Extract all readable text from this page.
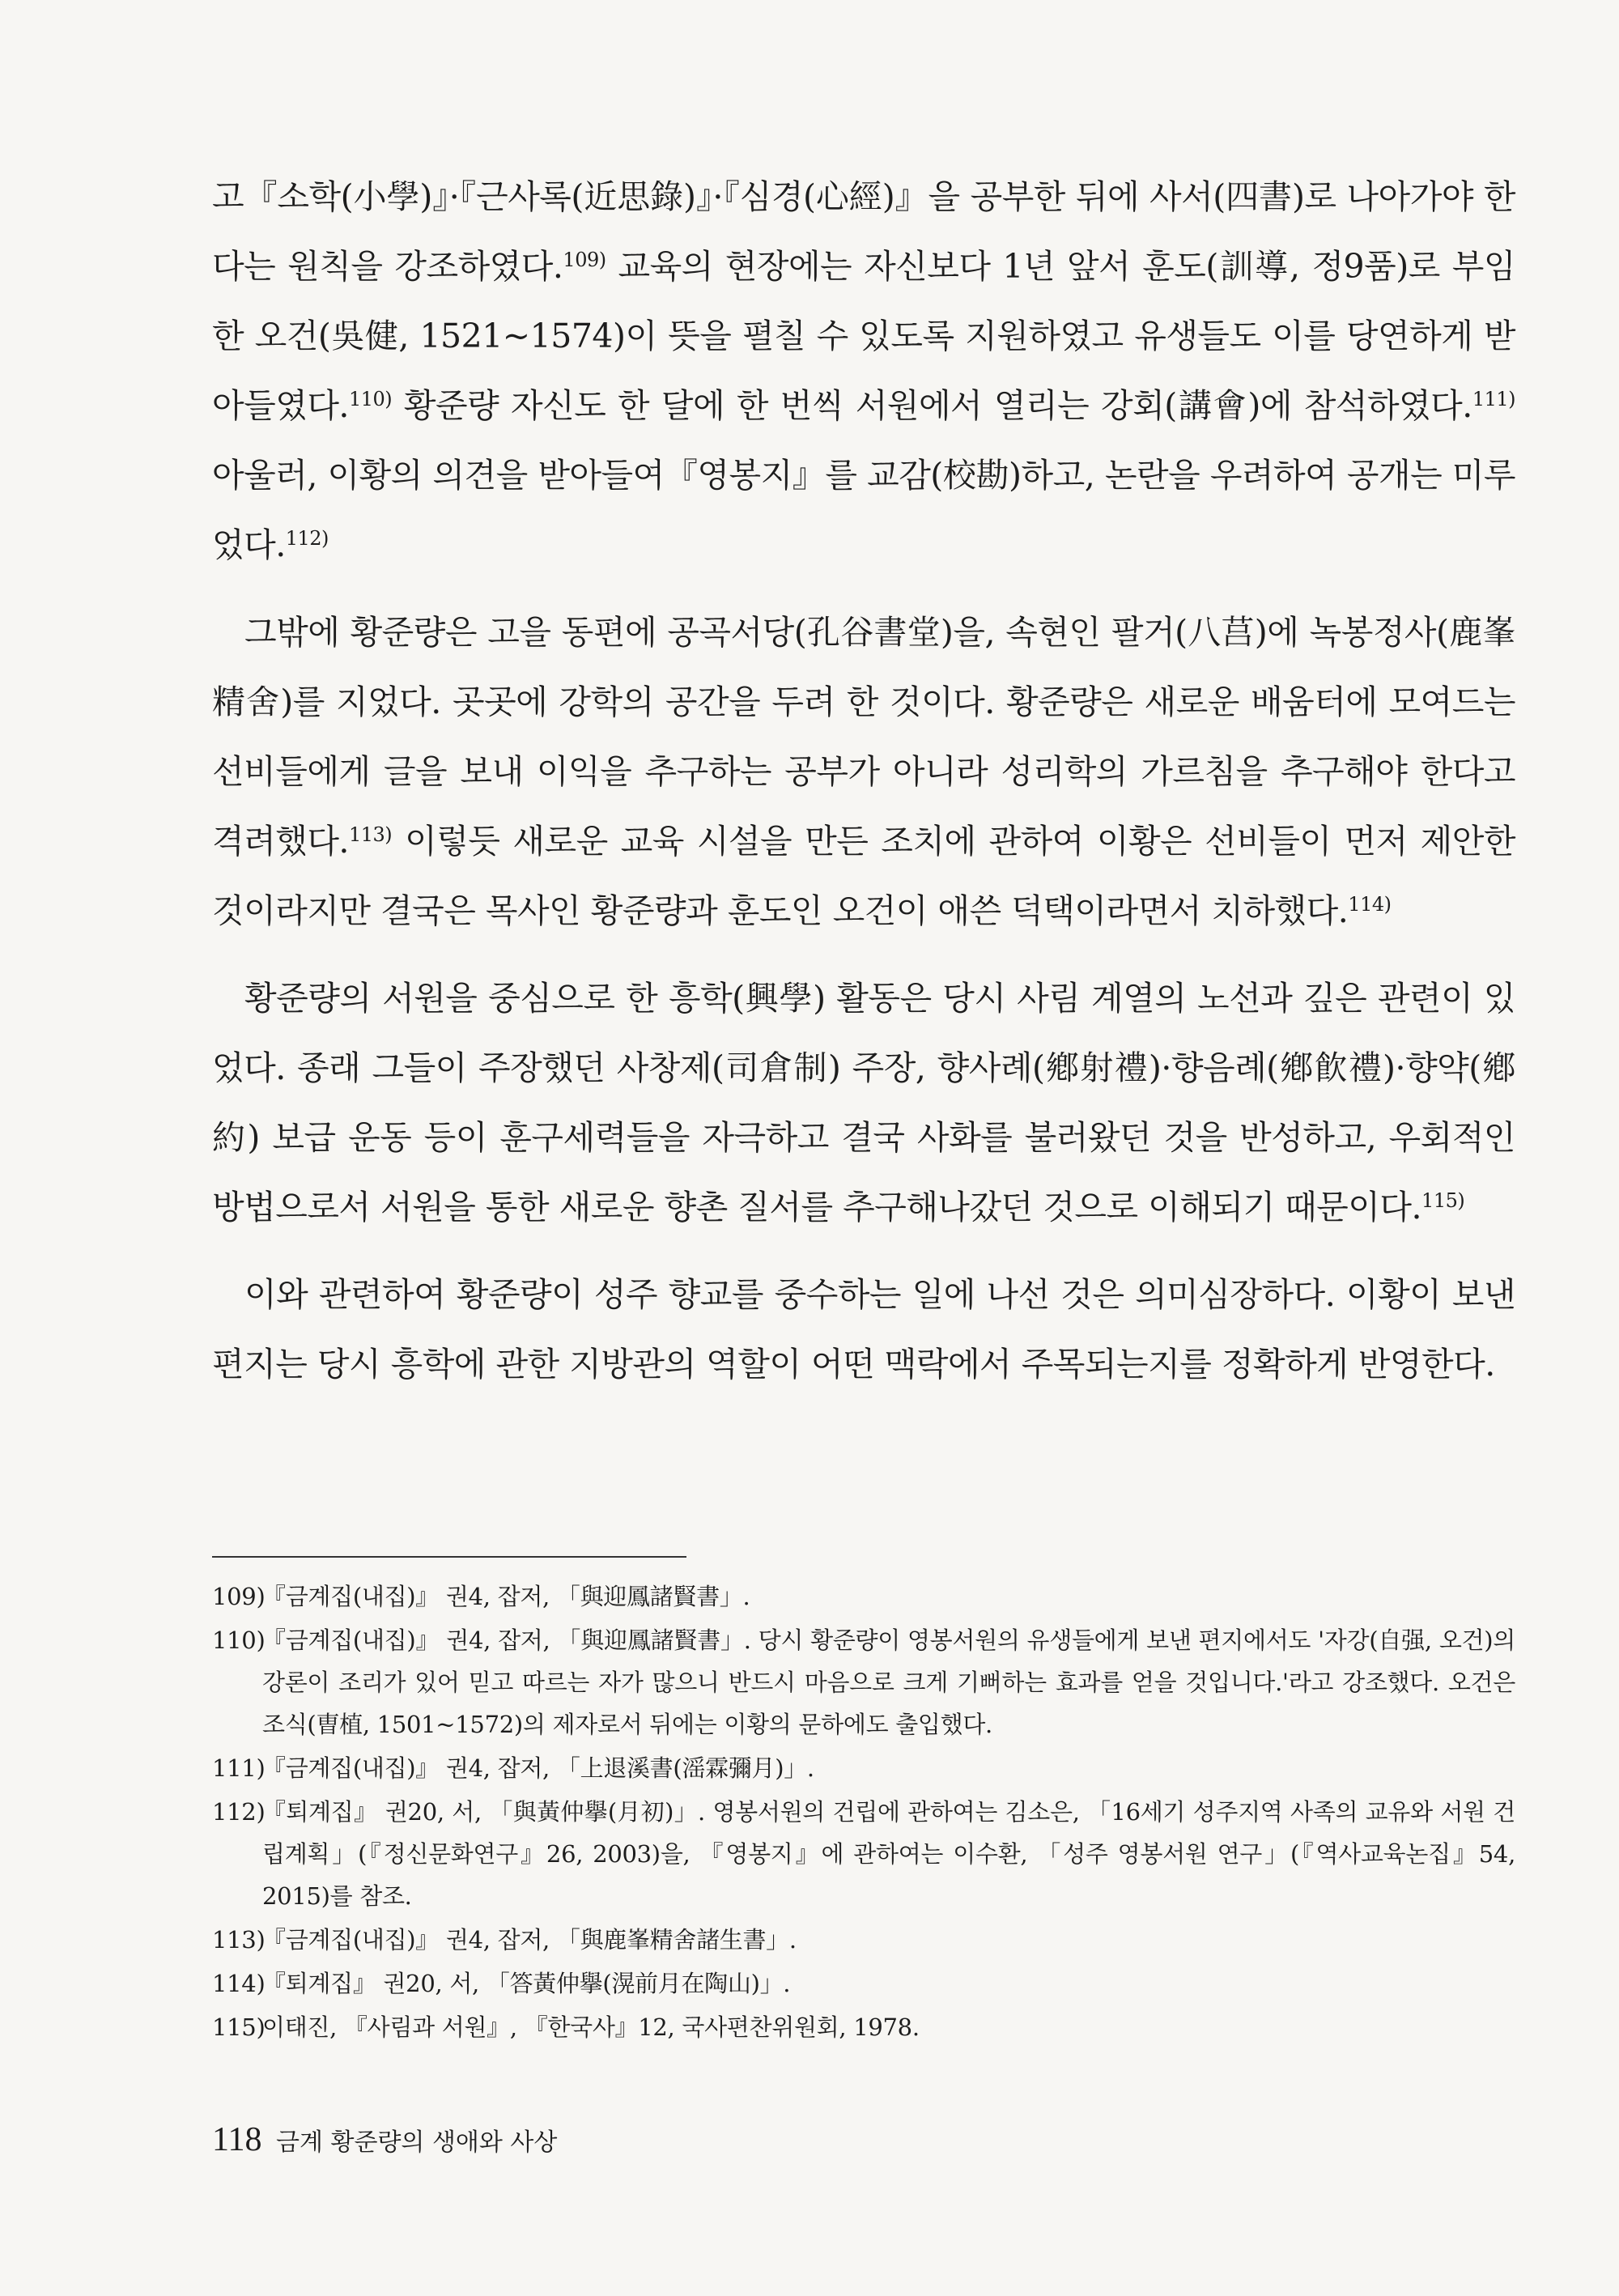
고『소학(小學)』·『근사록(近思錄)』·『심경(心經)』을 공부한 뒤에 사서(四書)로 나아가야 한다는 원칙을 강조하였다.$^{109)}$ 교육의 현장에는 자신보다 1년 앞서 훈도(訓導, 정9품)로 부임한 오건(吳健, 1521~1574)이 뜻을 펼칠 수 있도록 지원하였고 유생들도 이를 당연하게 받아들였다.$^{110)}$ 황준량 자신도 한 달에 한 번씩 서원에서 열리는 강회(講會)에 참석하였다.$^{111)}$ 아울러, 이황의 의견을 받아들여『영봉지』를 교감(校勘)하고, 논란을 우려하여 공개는 미루었다.$^{112)}$

그밖에 황준량은 고을 동편에 공곡서당(孔谷書堂)을, 속현인 팔거(八莒)에 녹봉정사(鹿峯精舍)를 지었다. 곳곳에 강학의 공간을 두려 한 것이다. 황준량은 새로운 배움터에 모여드는 선비들에게 글을 보내 이익을 추구하는 공부가 아니라 성리학의 가르침을 추구해야 한다고 격려했다.$^{113)}$ 이렇듯 새로운 교육 시설을 만든 조치에 관하여 이황은 선비들이 먼저 제안한 것이라지만 결국은 목사인 황준량과 훈도인 오건이 애쓴 덕택이라면서 치하했다.$^{114)}$

황준량의 서원을 중심으로 한 흥학(興學) 활동은 당시 사림 계열의 노선과 깊은 관련이 있었다. 종래 그들이 주장했던 사창제(司倉制) 주장, 향사례(鄕射禮)·향음례(鄕飮禮)·향약(鄕約) 보급 운동 등이 훈구세력들을 자극하고 결국 사화를 불러왔던 것을 반성하고, 우회적인 방법으로서 서원을 통한 새로운 향촌 질서를 추구해나갔던 것으로 이해되기 때문이다.$^{115)}$

이와 관련하여 황준량이 성주 향교를 중수하는 일에 나선 것은 의미심장하다. 이황이 보낸 편지는 당시 흥학에 관한 지방관의 역할이 어떤 맥락에서 주목되는지를 정확하게 반영한다.

109)
『금계집(내집)』 권4, 잡저, 「與迎鳳諸賢書」.
110)
『금계집(내집)』 권4, 잡저, 「與迎鳳諸賢書」. 당시 황준량이 영봉서원의 유생들에게 보낸 편지에서도 '자강(自强, 오건)의 강론이 조리가 있어 믿고 따르는 자가 많으니 반드시 마음으로 크게 기뻐하는 효과를 얻을 것입니다.'라고 강조했다. 오건은 조식(曺植, 1501~1572)의 제자로서 뒤에는 이황의 문하에도 출입했다.
111)
『금계집(내집)』 권4, 잡저, 「上退溪書(滛霖彌月)」.
112)
『퇴계집』 권20, 서, 「與黃仲擧(月初)」. 영봉서원의 건립에 관하여는 김소은, 「16세기 성주지역 사족의 교유와 서원 건립계획」(『정신문화연구』26, 2003)을, 『영봉지』에 관하여는 이수환, 「성주 영봉서원 연구」(『역사교육논집』54, 2015)를 참조.
113)
『금계집(내집)』 권4, 잡저, 「與鹿峯精舍諸生書」.
114)
『퇴계집』 권20, 서, 「答黃仲擧(滉前月在陶山)」.
115)
이태진, 『사림과 서원』, 『한국사』12, 국사편찬위원회, 1978.
118 금계 황준량의 생애와 사상
